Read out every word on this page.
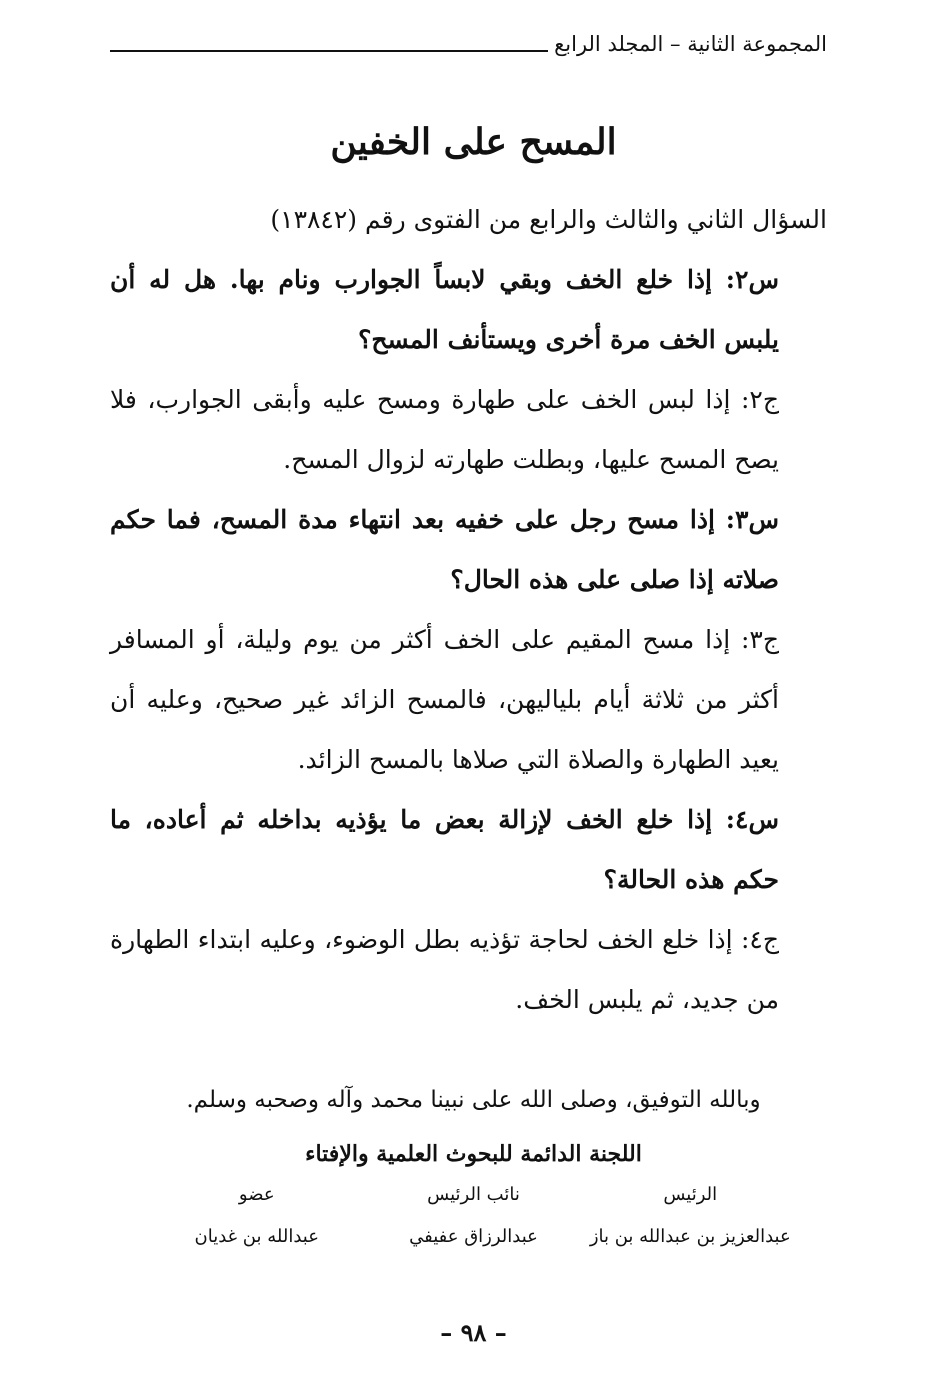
المجموعة الثانية – المجلد الرابع
المسح على الخفين

السؤال الثاني والثالث والرابع من الفتوى رقم (١٣٨٤٢)

س٢: إذا خلع الخف وبقي لابساً الجوارب ونام بها. هل له أن يلبس الخف مرة أخرى ويستأنف المسح؟

ج٢: إذا لبس الخف على طهارة ومسح عليه وأبقى الجوارب، فلا يصح المسح عليها، وبطلت طهارته لزوال المسح.

س٣: إذا مسح رجل على خفيه بعد انتهاء مدة المسح، فما حكم صلاته إذا صلى على هذه الحال؟

ج٣: إذا مسح المقيم على الخف أكثر من يوم وليلة، أو المسافر أكثر من ثلاثة أيام بلياليهن، فالمسح الزائد غير صحيح، وعليه أن يعيد الطهارة والصلاة التي صلاها بالمسح الزائد.

س٤: إذا خلع الخف لإزالة بعض ما يؤذيه بداخله ثم أعاده، ما حكم هذه الحالة؟

ج٤: إذا خلع الخف لحاجة تؤذيه بطل الوضوء، وعليه ابتداء الطهارة من جديد، ثم يلبس الخف.

وبالله التوفيق، وصلى الله على نبينا محمد وآله وصحبه وسلم.
اللجنة الدائمة للبحوث العلمية والإفتاء
الرئيس
نائب الرئيس
عضو
عبدالعزيز بن عبدالله بن باز
عبدالرزاق عفيفي
عبدالله بن غديان
– ٩٨ –
